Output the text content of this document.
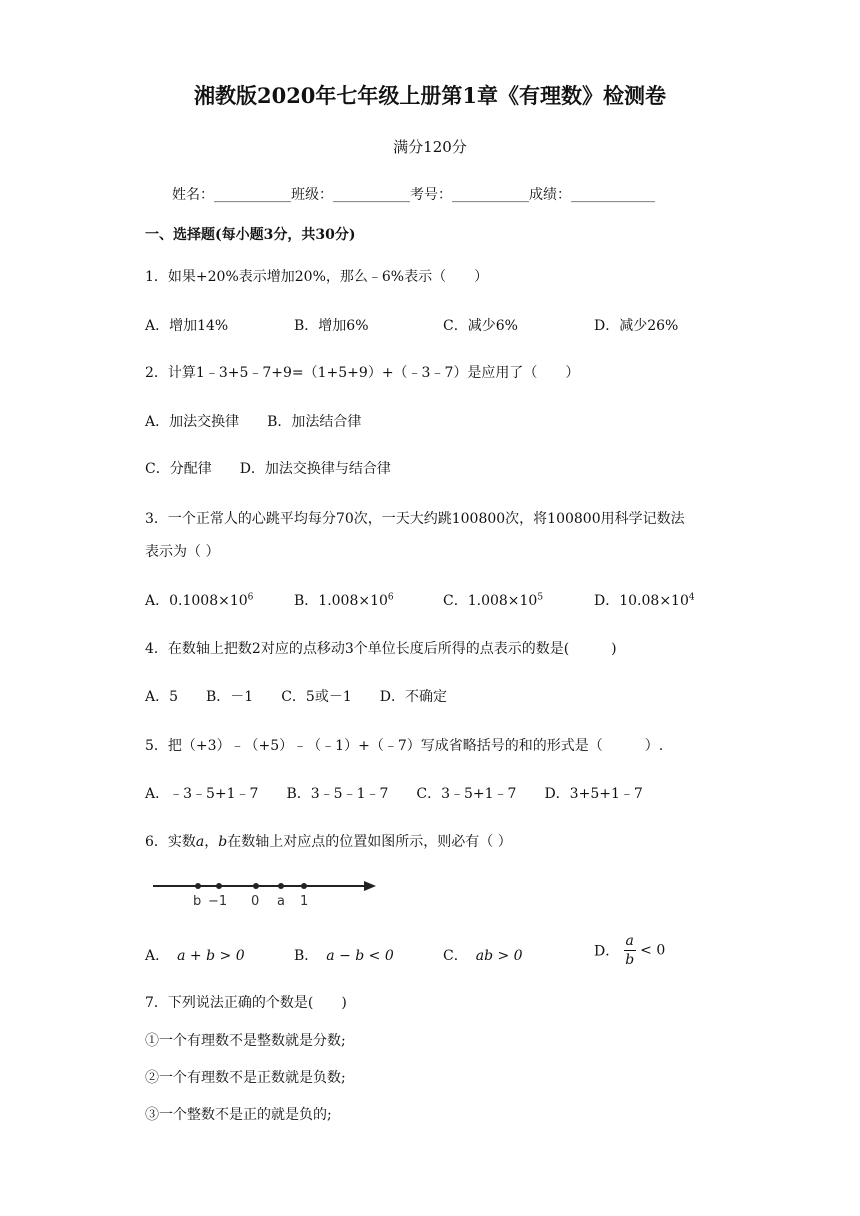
湘教版2020年七年级上册第1章《有理数》检测卷
满分120分
姓名：___________班级：___________考号：___________成绩：____________
一、选择题(每小题3分，共30分)
1．如果+20%表示增加20%，那么﹣6%表示（　　）
A．增加14%	B．增加6%	C．减少6%	D．减少26%
2．计算1﹣3+5﹣7+9=（1+5+9）+（﹣3﹣7）是应用了（　　）
A．加法交换律　　B．加法结合律
C．分配律　　D．加法交换律与结合律
3．一个正常人的心跳平均每分70次，一天大约跳100800次，将100800用科学记数法
表示为（ ）
A．$0.1008\times 10^6$	B．$1.008\times 10^6$	C．$1.008\times 10^5$	D．$10.08\times 10^4$
4．在数轴上把数2对应的点移动3个单位长度后所得的点表示的数是(　　　)
A．5　　B．－1　　C．5或－1　　D．不确定
5．把（+3）﹣（+5）﹣（﹣1）+（﹣7）写成省略括号的和的形式是（　　　）.
A．﹣3﹣5+1﹣7　　B．3﹣5﹣1﹣7　　C．3﹣5+1﹣7　　D．3+5+1﹣7
6．实数a，b在数轴上对应点的位置如图所示，则必有（ ）
b −1 0 a 1
A． a + b > 0	B． a − b < 0	C． ab > 0	D． $\frac{a}{b} < 0$
7．下列说法正确的个数是(　　)
①一个有理数不是整数就是分数;
②一个有理数不是正数就是负数;
③一个整数不是正的就是负的;
